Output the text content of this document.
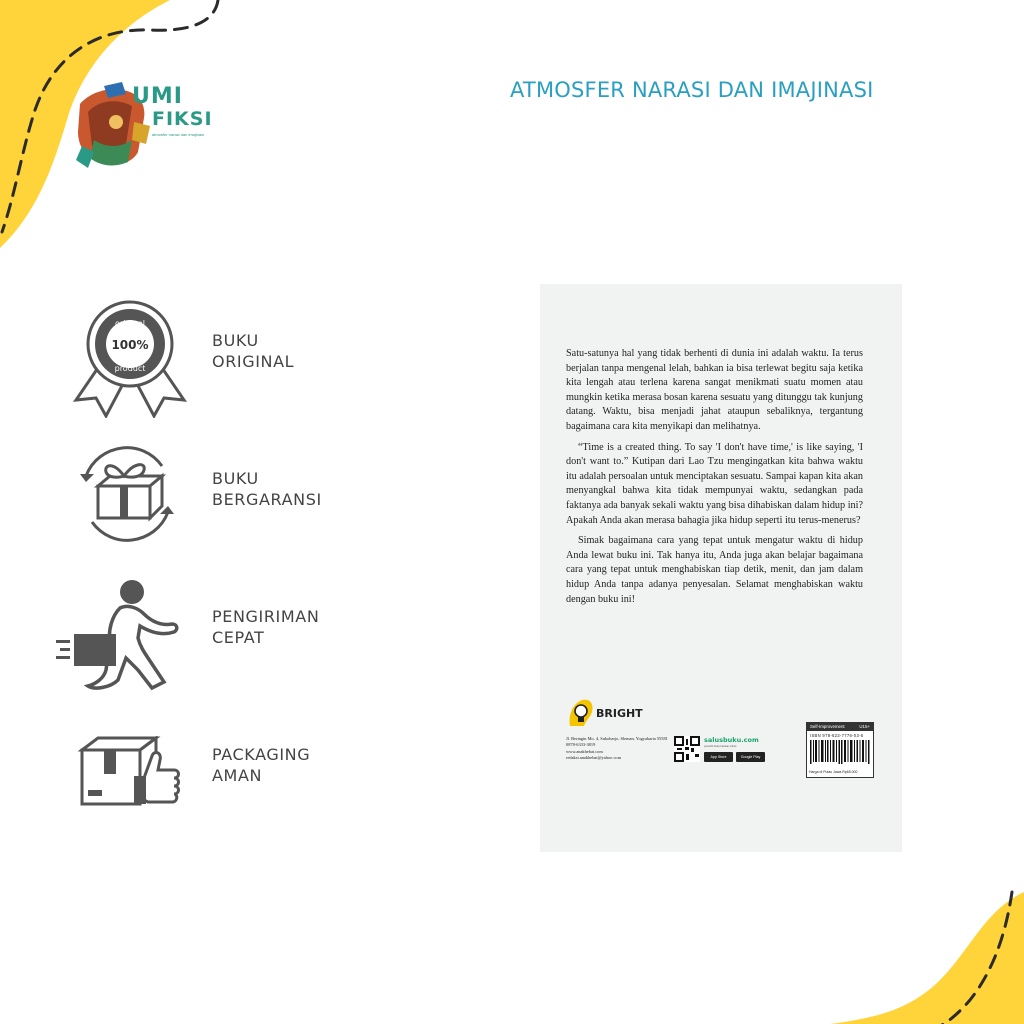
UMI
FIKSI
atmosfer narasi dan imajinasi
ATMOSFER NARASI DAN IMAJINASI
original
100%
product
BUKU
ORIGINAL
BUKU
BERGARANSI
PENGIRIMAN
CEPAT
PACKAGING
AMAN

Satu-satunya hal yang tidak berhenti di dunia ini adalah waktu. Ia terus berjalan tanpa mengenal lelah, bahkan ia bisa terlewat begitu saja ketika kita lengah atau terlena karena sangat menikmati suatu momen atau mungkin ketika merasa bosan karena sesuatu yang ditunggu tak kunjung datang. Waktu, bisa menjadi jahat ataupun sebaliknya, tergantung bagaimana cara kita menyikapi dan melihatnya.

“Time is a created thing. To say 'I don't have time,' is like saying, 'I don't want to.” Kutipan dari Lao Tzu mengingatkan kita bahwa waktu itu adalah persoalan untuk menciptakan sesuatu. Sampai kapan kita akan menyangkal bahwa kita tidak mempunyai waktu, sedangkan pada faktanya ada banyak sekali waktu yang bisa dihabiskan dalam hidup ini? Apakah Anda akan merasa bahagia jika hidup seperti itu terus-menerus?

Simak bagaimana cara yang tepat untuk mengatur waktu di hidup Anda lewat buku ini. Tak hanya itu, Anda juga akan belajar bagaimana cara yang tepat untuk menghabiskan tiap detik, menit, dan jam dalam hidup Anda tanpa adanya penyesalan. Selamat menghabiskan waktu dengan buku ini!

BRIGHT
Jl. Beringin Mo. 4, Sukoharjo, Sleman, Yogyakarta 55581
0878-6333-3819
www.anakhebat.com
redaksi.anakhebat@yahoo.com
salusbuku.com
penerbit buku bacaan online
App Store	Google Play
Self-Improvement	U15+
ISBN 978-623-7776-03-5
Harga di Pulau Jawa Rp65.000
